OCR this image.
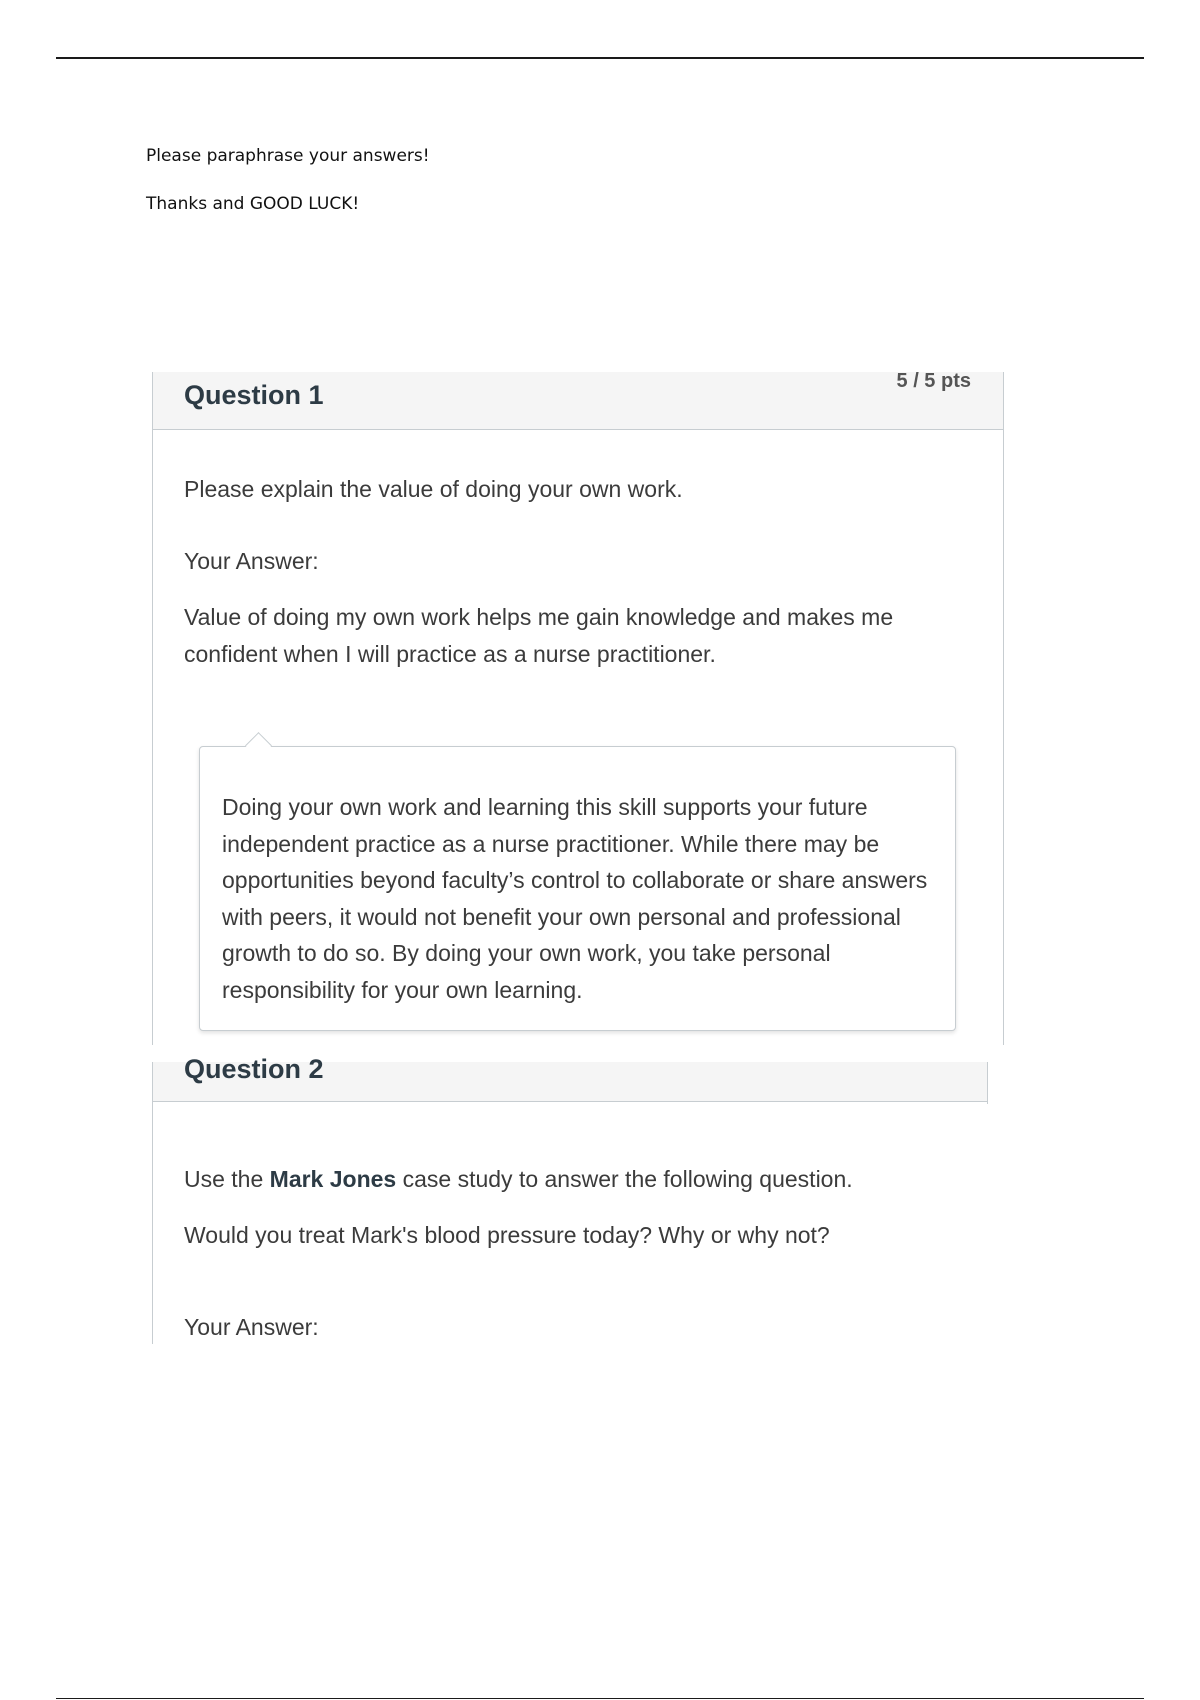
Please paraphrase your answers!

Thanks and GOOD LUCK!

Question 1	5 / 5 pts
Please explain the value of doing your own work.
Your Answer:
Value of doing my own work helps me gain knowledge and makes me confident when I will practice as a nurse practitioner.
Doing your own work and learning this skill supports your future independent practice as a nurse practitioner. While there may be opportunities beyond faculty’s control to collaborate or share answers with peers, it would not benefit your own personal and professional growth to do so. By doing your own work, you take personal responsibility for your own learning.
Question 2
Use the Mark Jones case study to answer the following question.
Would you treat Mark's blood pressure today? Why or why not?
Your Answer:
